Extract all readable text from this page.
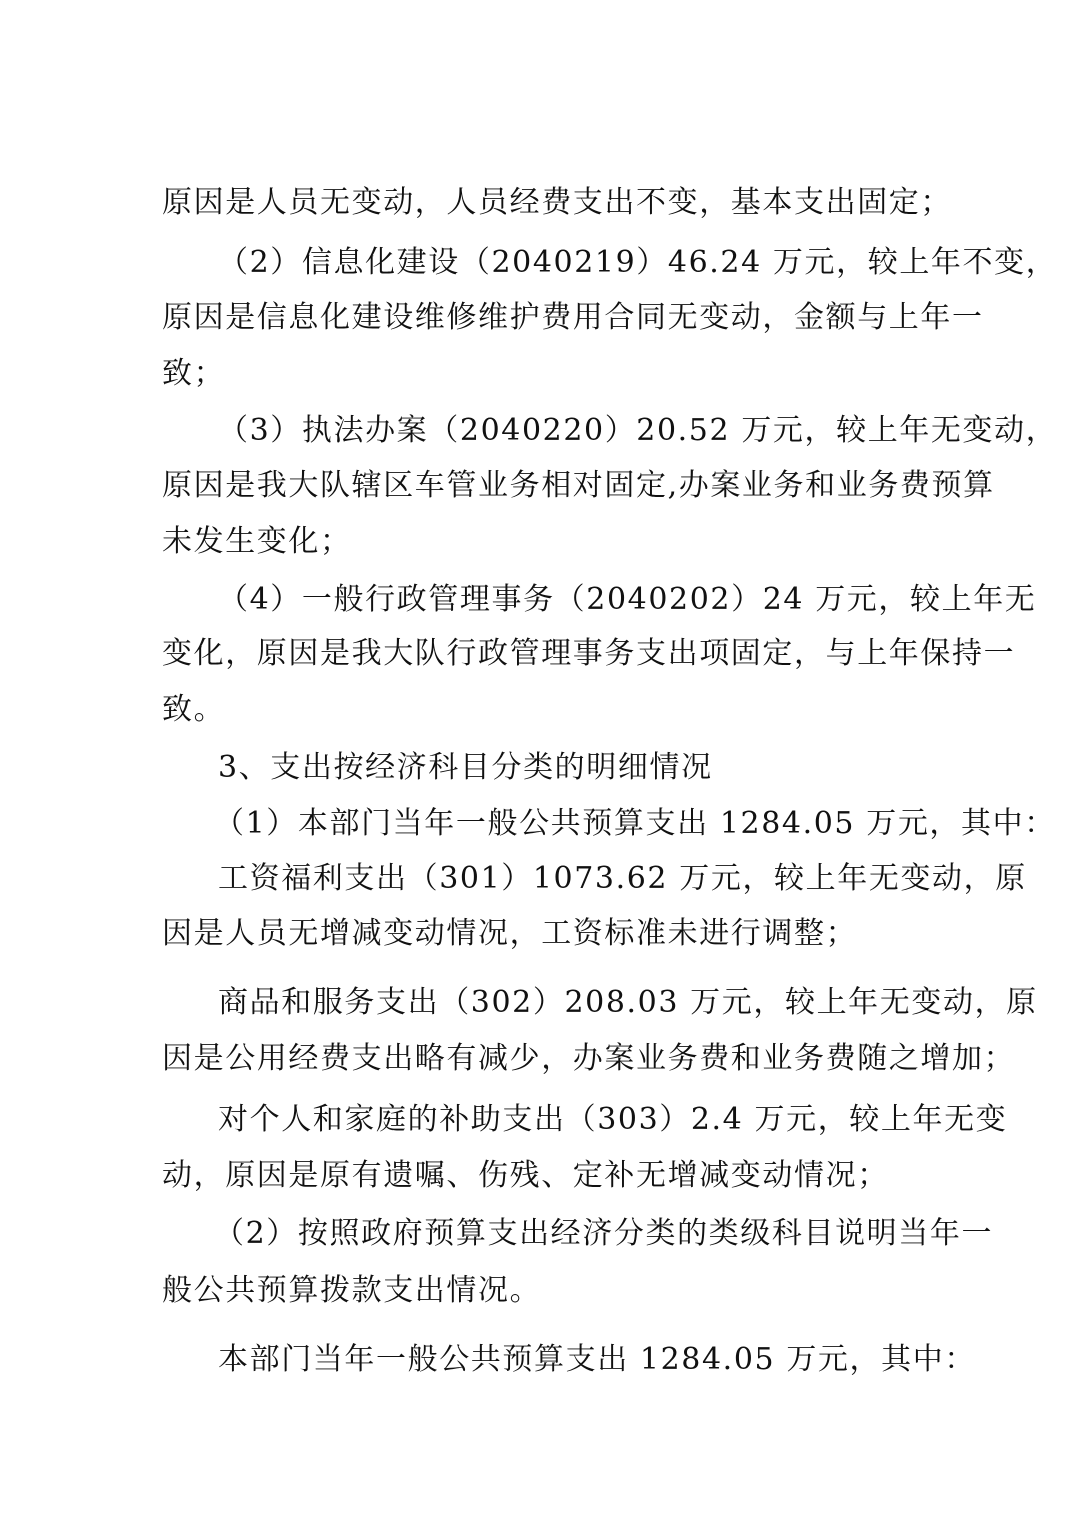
原因是人员无变动，人员经费支出不变，基本支出固定；
（2）信息化建设（2040219）46.24 万元，较上年不变，
原因是信息化建设维修维护费用合同无变动，金额与上年一
致；
（3）执法办案（2040220）20.52 万元，较上年无变动，
原因是我大队辖区车管业务相对固定,办案业务和业务费预算
未发生变化；
（4）一般行政管理事务（2040202）24 万元，较上年无
变化，原因是我大队行政管理事务支出项固定，与上年保持一
致。
3、支出按经济科目分类的明细情况
（1）本部门当年一般公共预算支出 1284.05 万元，其中：
工资福利支出（301）1073.62 万元，较上年无变动，原
因是人员无增减变动情况，工资标准未进行调整；
商品和服务支出（302）208.03 万元，较上年无变动，原
因是公用经费支出略有减少，办案业务费和业务费随之增加；
对个人和家庭的补助支出（303）2.4 万元，较上年无变
动，原因是原有遗嘱、伤残、定补无增减变动情况；
（2）按照政府预算支出经济分类的类级科目说明当年一
般公共预算拨款支出情况。
本部门当年一般公共预算支出 1284.05 万元，其中：
